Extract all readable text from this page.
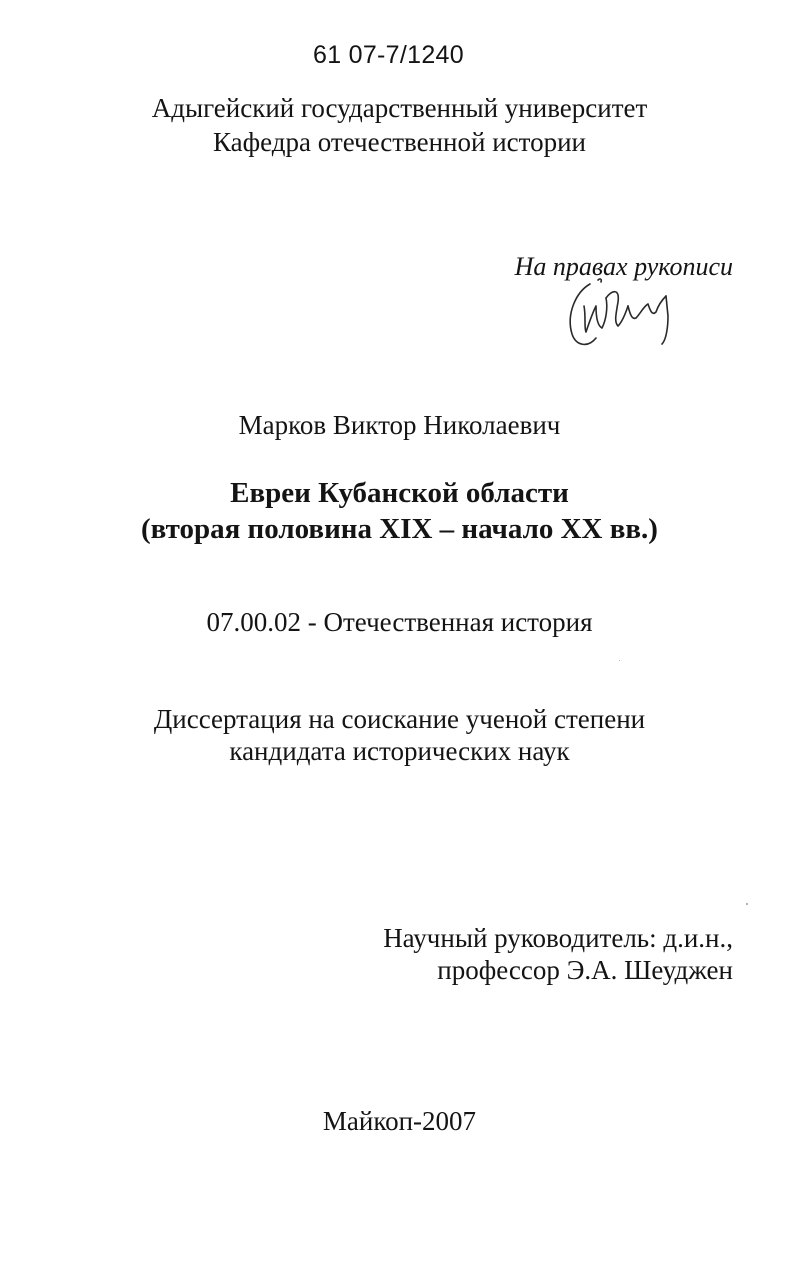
61 07-7/1240
Адыгейский государственный университет
Кафедра отечественной истории
На правах рукописи
Марков Виктор Николаевич
Евреи Кубанской области
(вторая половина XIX – начало XX вв.)
07.00.02 - Отечественная история
Диссертация на соискание ученой степени
кандидата исторических наук
Научный руководитель: д.и.н.,
профессор Э.А. Шеуджен
Майкоп-2007
